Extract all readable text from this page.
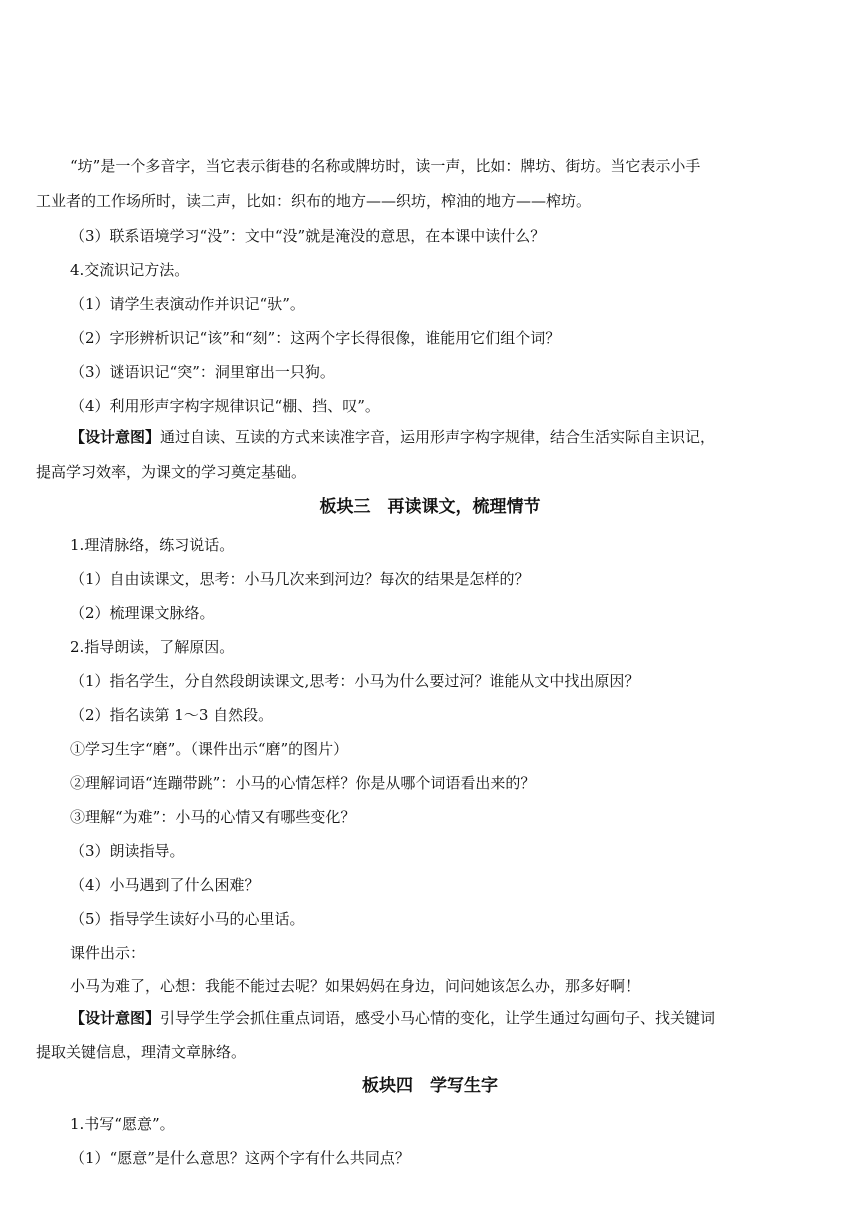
“坊”是一个多音字，当它表示街巷的名称或牌坊时，读一声，比如：牌坊、街坊。当它表示小手
工业者的工作场所时，读二声，比如：织布的地方——织坊，榨油的地方——榨坊。
（3）联系语境学习“没”：文中“没”就是淹没的意思，在本课中读什么？
4.交流识记方法。
（1）请学生表演动作并识记“驮”。
（2）字形辨析识记“该”和“刻”：这两个字长得很像，谁能用它们组个词？
（3）谜语识记“突”：洞里窜出一只狗。
（4）利用形声字构字规律识记“棚、挡、叹”。
【设计意图】通过自读、互读的方式来读准字音，运用形声字构字规律，结合生活实际自主识记，
提高学习效率，为课文的学习奠定基础。
板块三　再读课文，梳理情节
1.理清脉络，练习说话。
（1）自由读课文，思考：小马几次来到河边？每次的结果是怎样的？
（2）梳理课文脉络。
2.指导朗读，了解原因。
（1）指名学生，分自然段朗读课文,思考：小马为什么要过河？谁能从文中找出原因？
（2）指名读第 1～3 自然段。
①学习生字“磨”。（课件出示“磨”的图片）
②理解词语“连蹦带跳”：小马的心情怎样？你是从哪个词语看出来的？
③理解“为难”：小马的心情又有哪些变化？
（3）朗读指导。
（4）小马遇到了什么困难？
（5）指导学生读好小马的心里话。
课件出示：
小马为难了，心想：我能不能过去呢？如果妈妈在身边，问问她该怎么办，那多好啊！
【设计意图】引导学生学会抓住重点词语，感受小马心情的变化，让学生通过勾画句子、找关键词
提取关键信息，理清文章脉络。
板块四　学写生字
1.书写“愿意”。
（1）“愿意”是什么意思？这两个字有什么共同点？
